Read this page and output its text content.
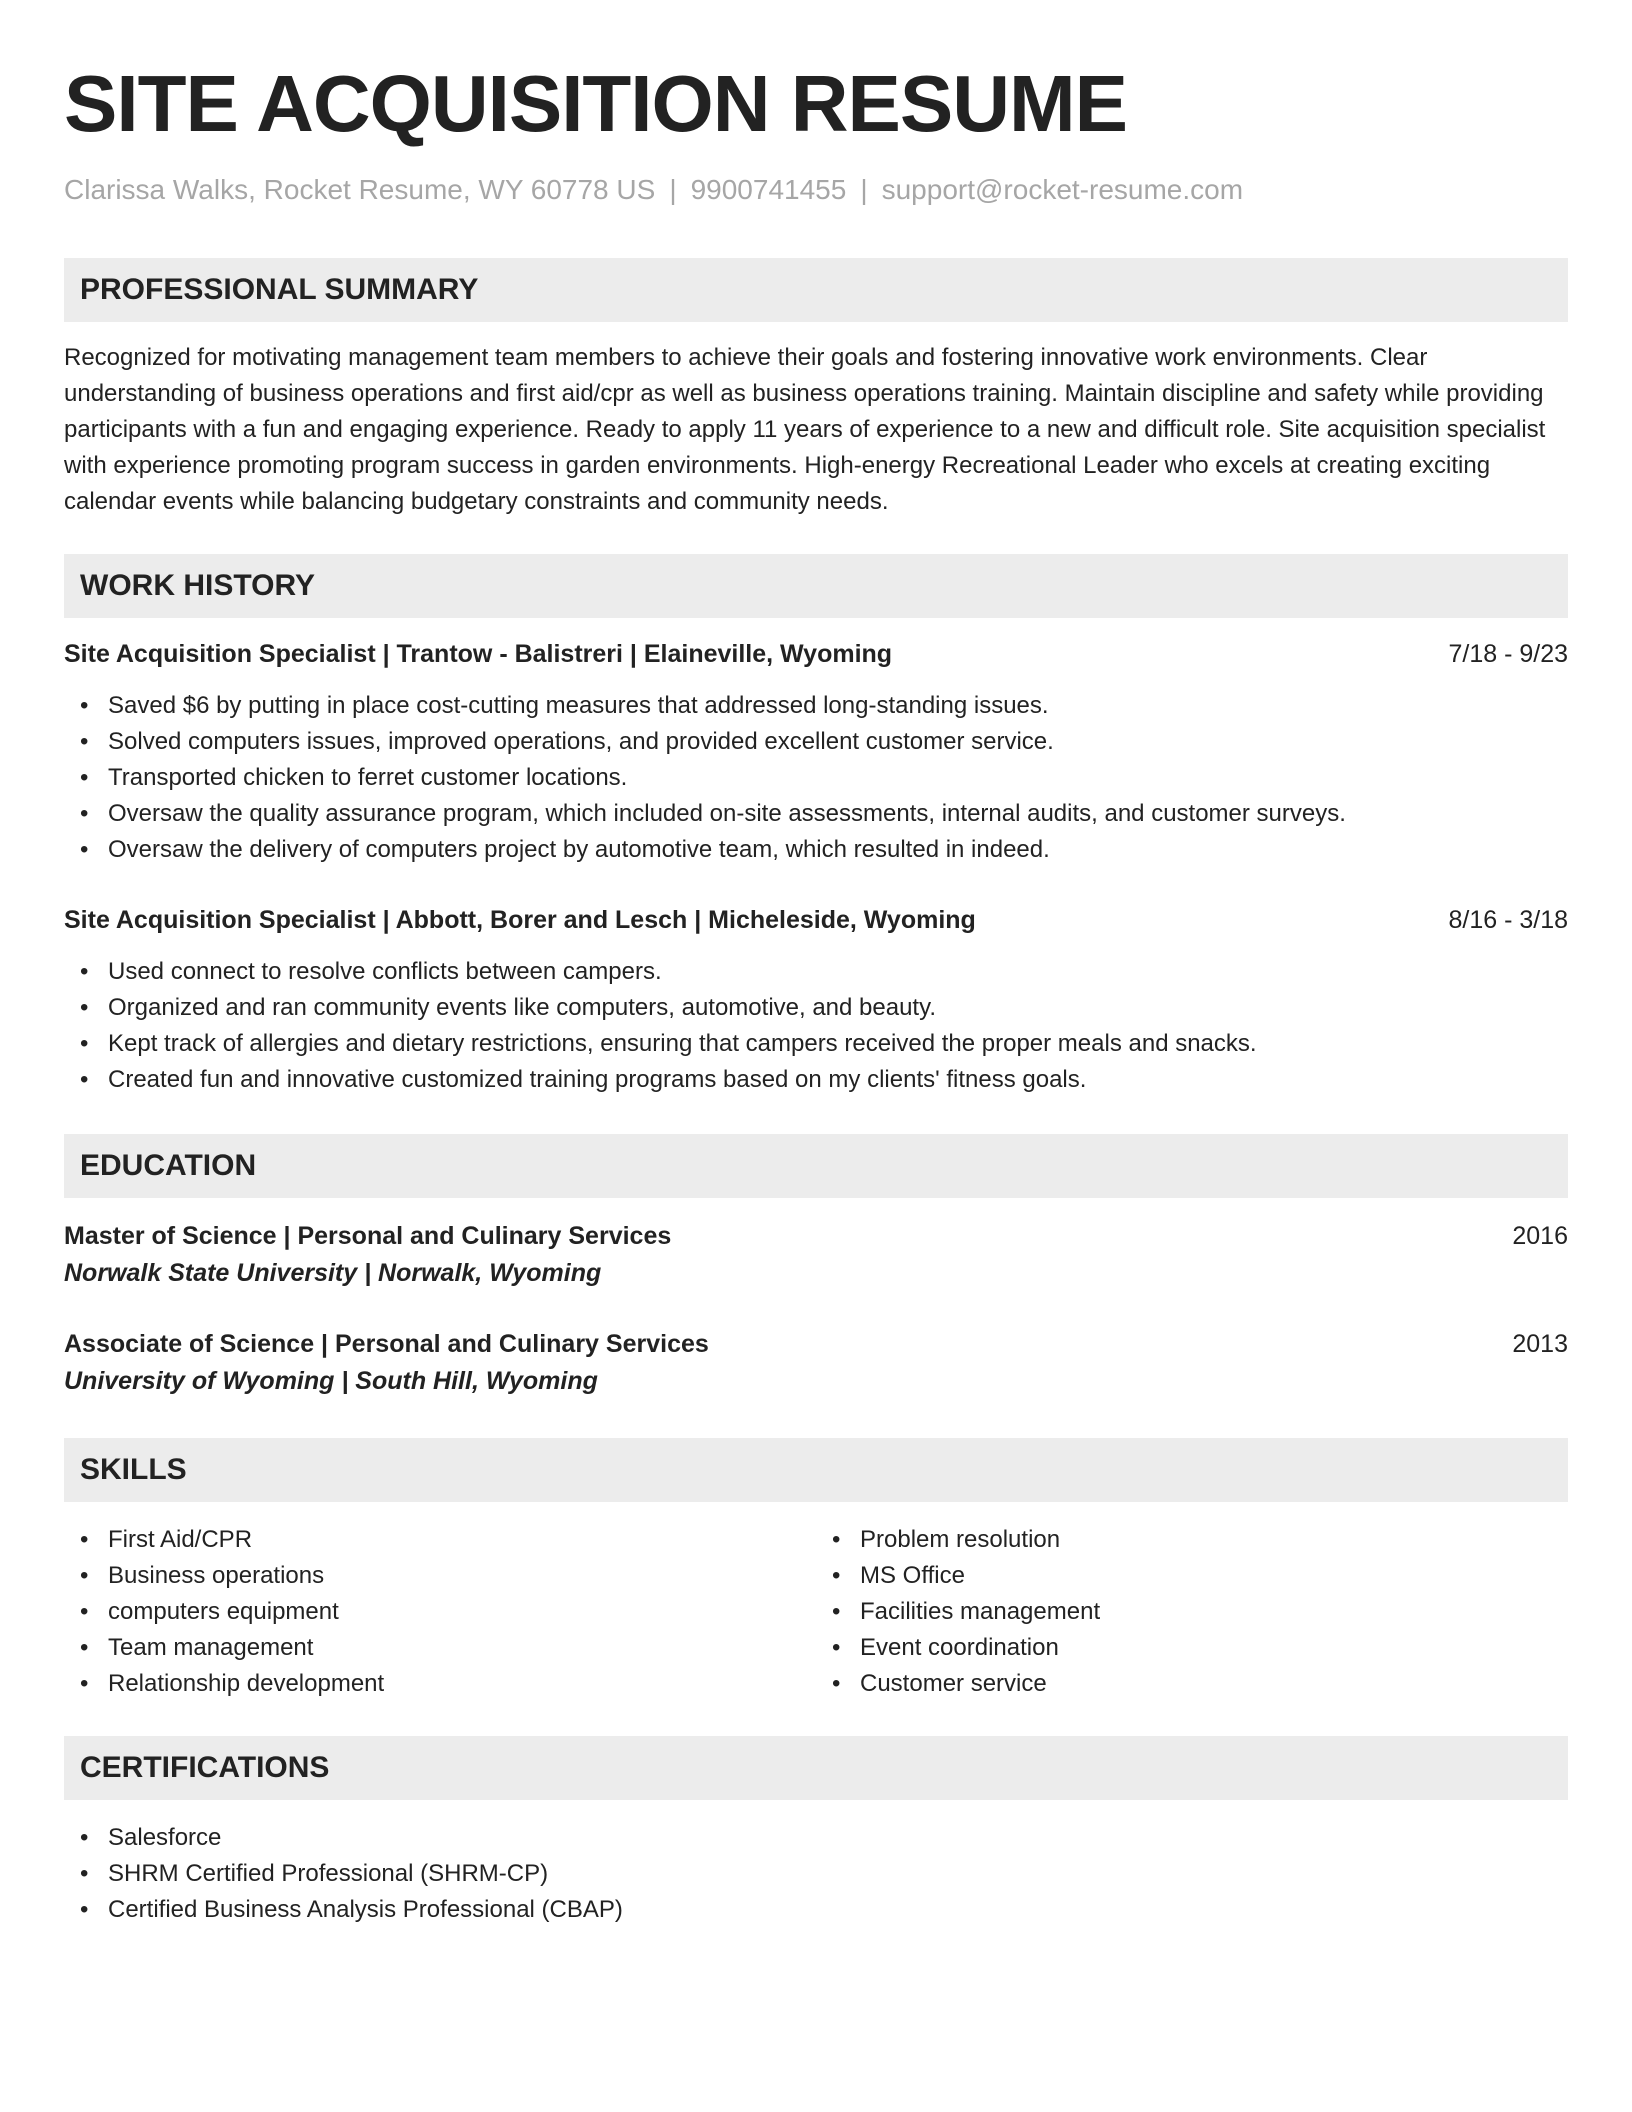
SITE ACQUISITION RESUME
Clarissa Walks, Rocket Resume, WY 60778 US | 9900741455 | support@rocket-resume.com
PROFESSIONAL SUMMARY
Recognized for motivating management team members to achieve their goals and fostering innovative work environments. Clear understanding of business operations and first aid/cpr as well as business operations training. Maintain discipline and safety while providing participants with a fun and engaging experience. Ready to apply 11 years of experience to a new and difficult role. Site acquisition specialist with experience promoting program success in garden environments. High-energy Recreational Leader who excels at creating exciting calendar events while balancing budgetary constraints and community needs.
WORK HISTORY
Site Acquisition Specialist | Trantow - Balistreri | Elaineville, Wyoming	7/18 - 9/23
• Saved $6 by putting in place cost-cutting measures that addressed long-standing issues.
• Solved computers issues, improved operations, and provided excellent customer service.
• Transported chicken to ferret customer locations.
• Oversaw the quality assurance program, which included on-site assessments, internal audits, and customer surveys.
• Oversaw the delivery of computers project by automotive team, which resulted in indeed.
Site Acquisition Specialist | Abbott, Borer and Lesch | Micheleside, Wyoming	8/16 - 3/18
• Used connect to resolve conflicts between campers.
• Organized and ran community events like computers, automotive, and beauty.
• Kept track of allergies and dietary restrictions, ensuring that campers received the proper meals and snacks.
• Created fun and innovative customized training programs based on my clients' fitness goals.
EDUCATION
Master of Science | Personal and Culinary Services	2016
Norwalk State University | Norwalk, Wyoming
Associate of Science | Personal and Culinary Services	2013
University of Wyoming | South Hill, Wyoming
SKILLS
• First Aid/CPR
• Business operations
• computers equipment
• Team management
• Relationship development
• Problem resolution
• MS Office
• Facilities management
• Event coordination
• Customer service
CERTIFICATIONS
• Salesforce
• SHRM Certified Professional (SHRM-CP)
• Certified Business Analysis Professional (CBAP)
